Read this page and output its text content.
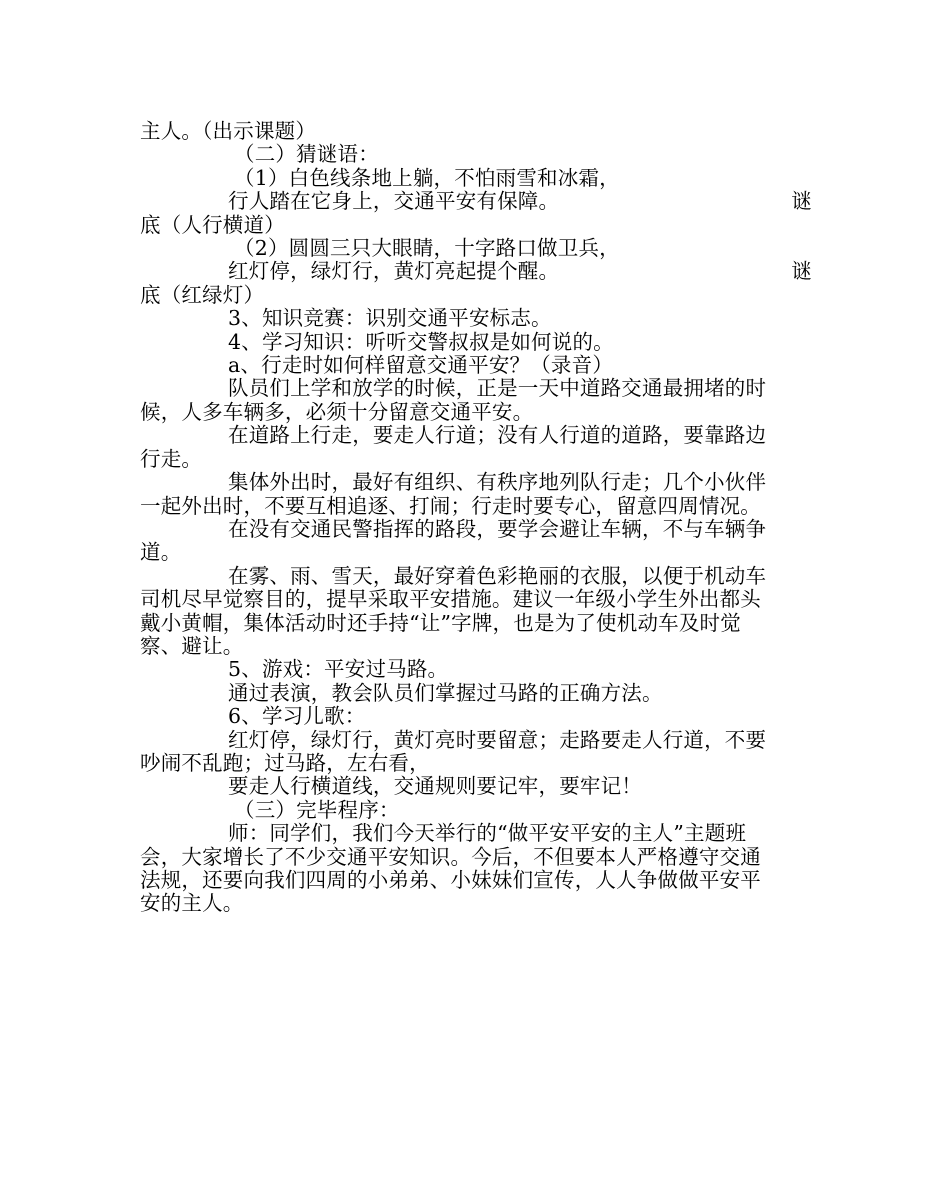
主人。（出示课题）

（二）猜谜语：

（1）白色线条地上躺，不怕雨雪和冰霜，

行人踏在它身上，交通平安有保障。	谜

底（人行横道）

（2）圆圆三只大眼睛，十字路口做卫兵，

红灯停，绿灯行，黄灯亮起提个醒。	谜

底（红绿灯）

3、知识竞赛：识别交通平安标志。

4、学习知识：听听交警叔叔是如何说的。

a、行走时如何样留意交通平安？（录音）

队员们上学和放学的时候，正是一天中道路交通最拥堵的时

候，人多车辆多，必须十分留意交通平安。

在道路上行走，要走人行道；没有人行道的道路，要靠路边

行走。

集体外出时，最好有组织、有秩序地列队行走；几个小伙伴

一起外出时，不要互相追逐、打闹；行走时要专心，留意四周情况。

在没有交通民警指挥的路段，要学会避让车辆，不与车辆争

道。

在雾、雨、雪天，最好穿着色彩艳丽的衣服，以便于机动车

司机尽早觉察目的，提早采取平安措施。建议一年级小学生外出都头

戴小黄帽，集体活动时还手持“让”字牌，也是为了使机动车及时觉

察、避让。

5、游戏：平安过马路。

通过表演，教会队员们掌握过马路的正确方法。

6、学习儿歌：

红灯停，绿灯行，黄灯亮时要留意；走路要走人行道，不要

吵闹不乱跑；过马路，左右看，

要走人行横道线，交通规则要记牢，要牢记！

（三）完毕程序：

师：同学们，我们今天举行的“做平安平安的主人”主题班

会，大家增长了不少交通平安知识。今后，不但要本人严格遵守交通

法规，还要向我们四周的小弟弟、小妹妹们宣传，人人争做做平安平

安的主人。
